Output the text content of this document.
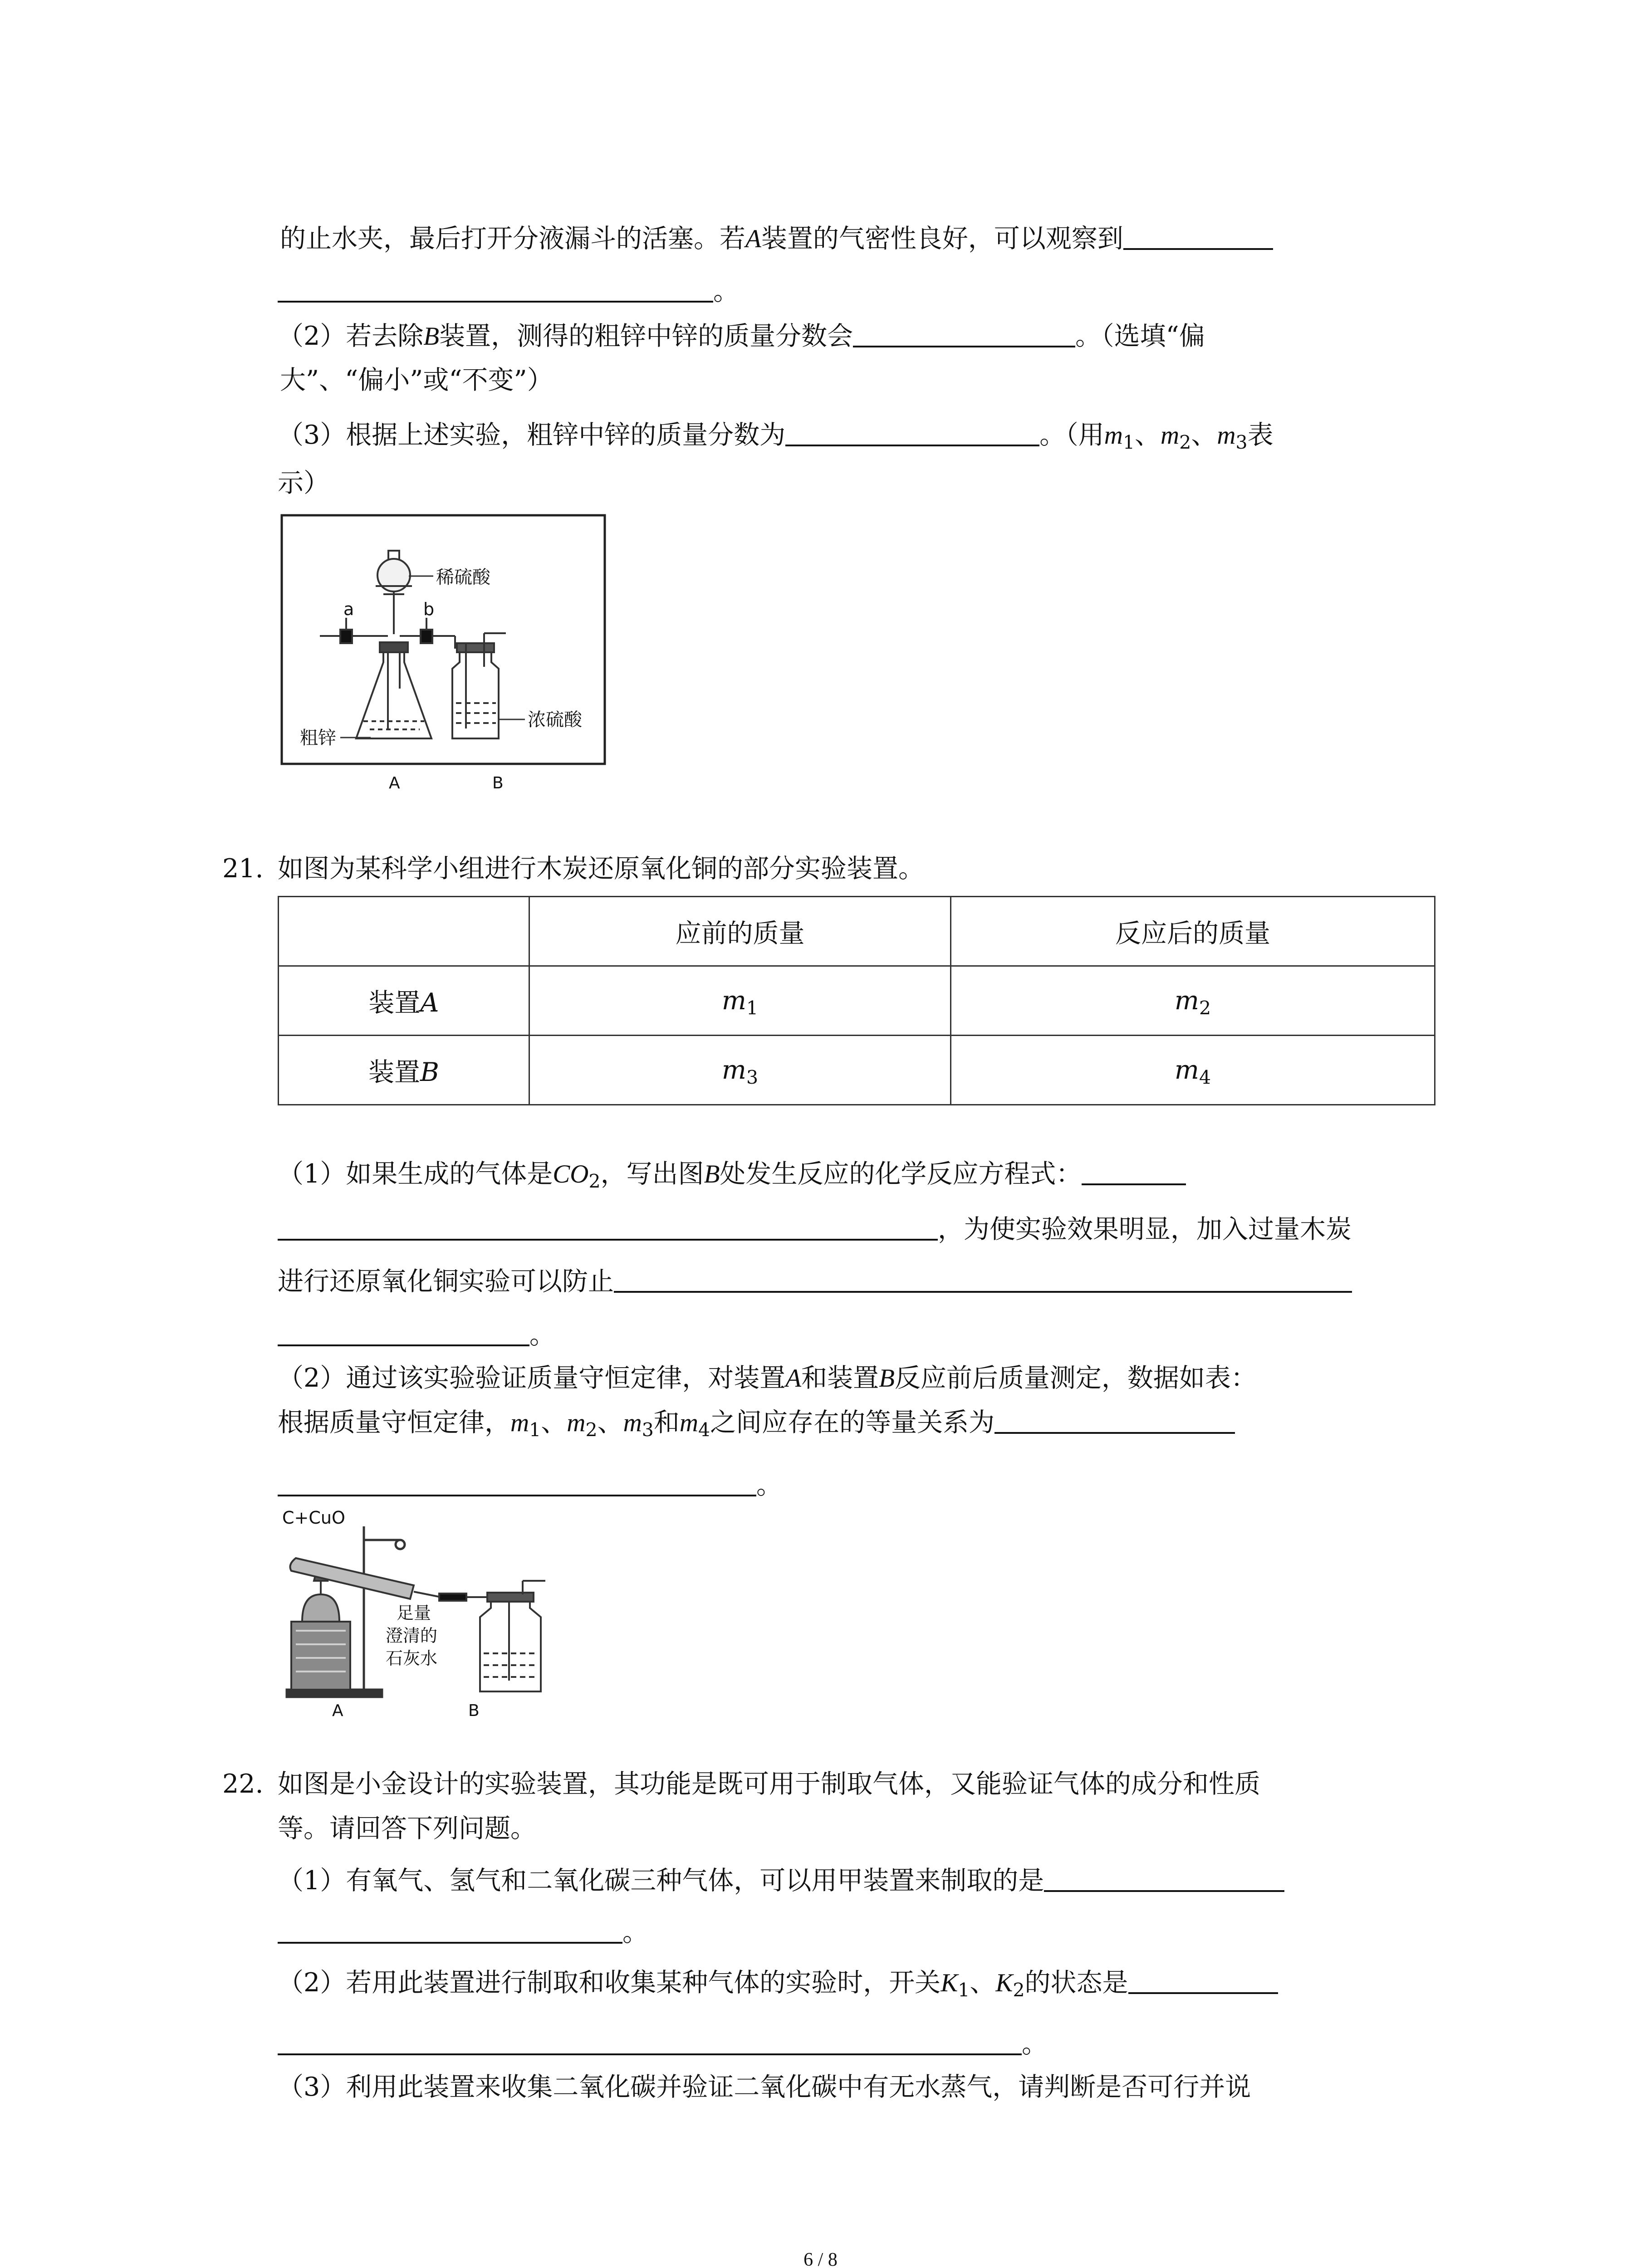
的止水夹，最后打开分液漏斗的活塞。若A装置的气密性良好，可以观察到
。
（2）若去除B装置，测得的粗锌中锌的质量分数会	。（选填“偏
大”、“偏小”或“不变”）
（3）根据上述实验，粗锌中锌的质量分数为	。（用$m_1$、$m_2$、$m_3$表
示）
稀硫酸
a	b
粗锌
浓硫酸
A	B
21. 如图为某科学小组进行木炭还原氧化铜的部分实验装置。
	应前的质量	反应后的质量
装置A	$m_1$	$m_2$
装置B	$m_3$	$m_4$
（1）如果生成的气体是$CO_2$，写出图B处发生反应的化学反应方程式：
，为使实验效果明显，加入过量木炭
进行还原氧化铜实验可以防止
。
（2）通过该实验验证质量守恒定律，对装置A和装置B反应前后质量测定，数据如表：
根据质量守恒定律，$m_1$、$m_2$、$m_3$和$m_4$之间应存在的等量关系为
。
C+CuO
足量
澄清的
石灰水
A	B
22. 如图是小金设计的实验装置，其功能是既可用于制取气体，又能验证气体的成分和性质
等。请回答下列问题。
（1）有氧气、氢气和二氧化碳三种气体，可以用甲装置来制取的是
。
（2）若用此装置进行制取和收集某种气体的实验时，开关$K_1$、$K_2$的状态是
。
（3）利用此装置来收集二氧化碳并验证二氧化碳中有无水蒸气，请判断是否可行并说
6 / 8
